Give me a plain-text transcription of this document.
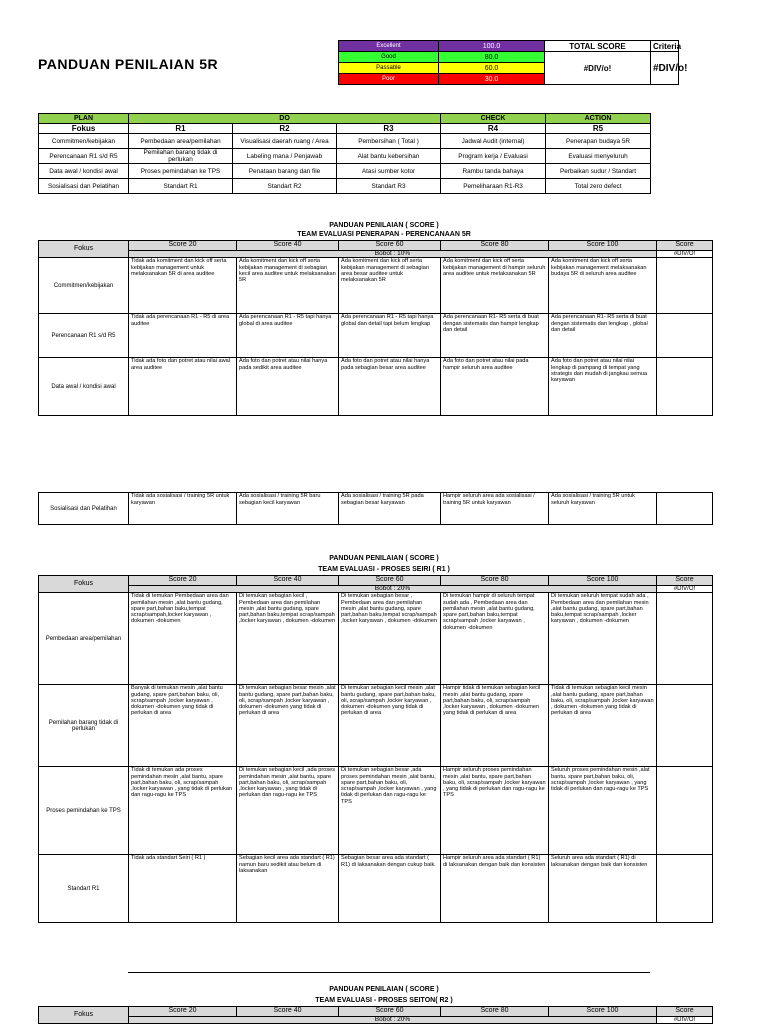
PANDUAN PENILAIAN 5R
Excellent	100.0	TOTAL SCORE	Criteria
Good	80.0	#DIV/o!	#DIV/o!
Passable	60.0		
Poor	30.0		
PLAN	DO			CHECK	ACTION
Fokus	R1	R2	R3	R4	R5
Commitmen/kebijakan	Pembedaan area/pemilahan	Visualisasi daerah ruang / Area	Pembersihan ( Total )	Jadwal Audit (internal)	Penerapan budaya 5R
Perencanaan R1 s/d R5	Pemilahan barang tidak di perlukan	Labeling mana / Penjawab	Alat bantu kebersihan	Program kerja / Evaluasi	Evaluasi menyeluruh
Data awal / kondisi awal	Proses pemindahan ke TPS	Penataan barang dan file	Atasi sumber kotor	Rambu tanda bahaya	Perbaikan sudur / Standart
Sosialisasi dan Pelatihan	Standart R1	Standart R2	Standart R3	Pemeliharaan R1-R3	Total zero defect
PANDUAN PENILAIAN ( SCORE )
TEAM EVALUASI PENERAPAN - PERENCANAAN 5R
Fokus	Score 20	Score 40	Score 60	Score 80	Score 100	Score
	Bobot : 10%					#DIV/O!
Commitmen/kebijakan	Tidak ada komitment dan kick off serta kebijakan management untuk melaksanakan 5R di area auditee	Ada komitment dan kick off serta kebijakan management di sebagian kecil area auditee untuk melaksanakan 5R	Ada komitment dan kick off serta kebijakan management di sebagian area besar auditee untuk melaksanakan 5R	Ada komitment dan kick off serta kebijakan management di hampir seluruh area auditee untuk melaksanakan 5R	Ada komitment dan kick off serta kebijakan management melaksanakan budaya 5R di seluruh area auditee	
Perencanaan R1 s/d R5	Tidak ada perencanaan R1 - R5 di area auditee	Ada perencanaan R1 - R5 tapi hanya global di area auditee	Ada perencanaan R1 - R5 tapi hanya global dan detail tapi belum lengkap	Ada perencanaan R1- R5 serta di buat dengan sistematis dan hampir lengkap dan detail	Ada perencanaan R1- R5 serta di buat dengan sistematis dan lengkap , global dan detail	
Data awal / kondisi awal	Tidak ada foto dan potret atau nilai awal area auditee	Ada foto dan potret atau nilai hanya pada sedikit area auditee	Ada foto dan potret atau nilai hanya pada sebagian besar area auditee	Ada foto dan potret atau nilai pada hampir seluruh area auditee	Ada foto dan potret atau nilai nilai lengkap di pampang di tempat yang strategis dan mudah di jangkau semua karyawan	

Sosialisasi dan Pelatihan	Tidak ada sosialisasi / training 5R untuk karyawan	Ada sosialisasi / training 5R baru sebagian kecil karyawan	Ada sosialisasi / training 5R pada sebagian besar karyawan	Hampir seluruh area ada sosialisasi / training 5R untuk karyawan	Ada sosialisasi / training 5R untuk seluruh karyawan	
PANDUAN PENILAIAN ( SCORE )
TEAM EVALUASI - PROSES SEIRI ( R1 )
Fokus	Score 20	Score 40	Score 60	Score 80	Score 100	Score
	Bobot : 20%					#DIV/O!
Pembedaan area/pemilahan	Tidak di temukan Pembedaan area dan pemilahan mesin ,alat bantu gudang, spare part,bahan baku,tempat scrap/sampah,locker karyawan , dokumen -dokumen	Di temukan sebagian kecil , Pembedaan area dan pemilahan mesin ,alat bantu gudang, spare part,bahan baku,tempat scrap/sampah ,locker karyawan , dokumen -dokumen	Di temukan sebagian besar , Pembedaan area dan pemilahan mesin ,alat bantu gudang, spare part,bahan baku,tempat scrap/sampah ,locker karyawan , dokumen -dokumen	Di temukan hampir di seluruh tempat sudah ada , Pembedaan area dan pemilahan mesin ,alat bantu gudang, spare part,bahan baku,tempat scrap/sampah ,locker karyawan , dokumen -dokumen	Di temukan seluruh tempat sudah ada , Pembedaan area dan pemilahan mesin ,alat bantu gudang, spare part,bahan baku,tempat scrap/sampah ,locker karyawan , dokumen -dokumen	
Pemilahan barang tidak di perlukan	Banyak di temukan mesin ,alat bantu gudang, spare part,bahan baku, oli, scrap/sampah ,locker karyawan , dokumen -dokumen yang tidak di perlukan di area	Di temukan sebagian besar mesin ,alat bantu gudang, spare part,bahan baku, oli, scrap/sampah ,locker karyawan , dokumen -dokumen yang tidak di perlukan di area	Di temukan sebagian kecil mesin ,alat bantu gudang, spare part,bahan baku, oli, scrap/sampah ,locker karyawan , dokumen -dokumen yang tidak di perlukan di area	Hampir tidak di temukan sebagian kecil mesin ,alat bantu gudang, spare part,bahan baku, oli, scrap/sampah ,locker karyawan , dokumen -dokumen yang tidak di perlukan di area	Tidak di temukan sebagian kecil mesin ,alat bantu gudang, spare part,bahan baku, oli, scrap/sampah ,locker karyawan , dokumen -dokumen yang tidak di perlukan di area	
Proses pemindahan ke TPS	Tidak di temukan ada proses pemindahan mesin ,alat bantu, spare part,bahan baku, oli, scrap/sampah ,locker karyawan , yang tidak di perlukan dan ragu-ragu ke TPS	Di temukan sebagian kecil ,ada proses pemindahan mesin ,alat bantu, spare part,bahan baku, oli, scrap/sampah ,locker karyawan , yang tidak di perlukan dan ragu-ragu ke TPS	Di temukan sebagian besar ,ada proses pemindahan mesin ,alat bantu, spare part,bahan baku, oli, scrap/sampah ,locker karyawan , yang tidak di perlukan dan ragu-ragu ke TPS	Hampir seluruh proses pemindahan mesin ,alat bantu, spare part,bahan baku, oli, scrap/sampah ,locker karyawan , yang tidak di perlukan dan ragu-ragu ke TPS	Seluruh proses pemindahan mesin ,alat bantu, spare part,bahan baku, oli, scrap/sampah ,locker karyawan , yang tidak di perlukan dan ragu-ragu ke TPS	
Standart R1	Tidak ada standart Seiri ( R1 )	Sebagian kecil area ada standart ( R1) namun baru sedikit atau belum di laksanakan	Sebagian besar area ada standart ( R1) di laksanakan dengan cukup baik.	Hampir seluruh area ada standart ( R1) di laksanakan dengan baik dan konsisten	Seluruh area ada standart ( R1) di laksanakan dengan baik dan konsisten	
PANDUAN PENILAIAN ( SCORE )
TEAM EVALUASI - PROSES SEITON( R2 )
Fokus	Score 20	Score 40	Score 60	Score 80	Score 100	Score
	Bobot : 20%					#DIV/O!
